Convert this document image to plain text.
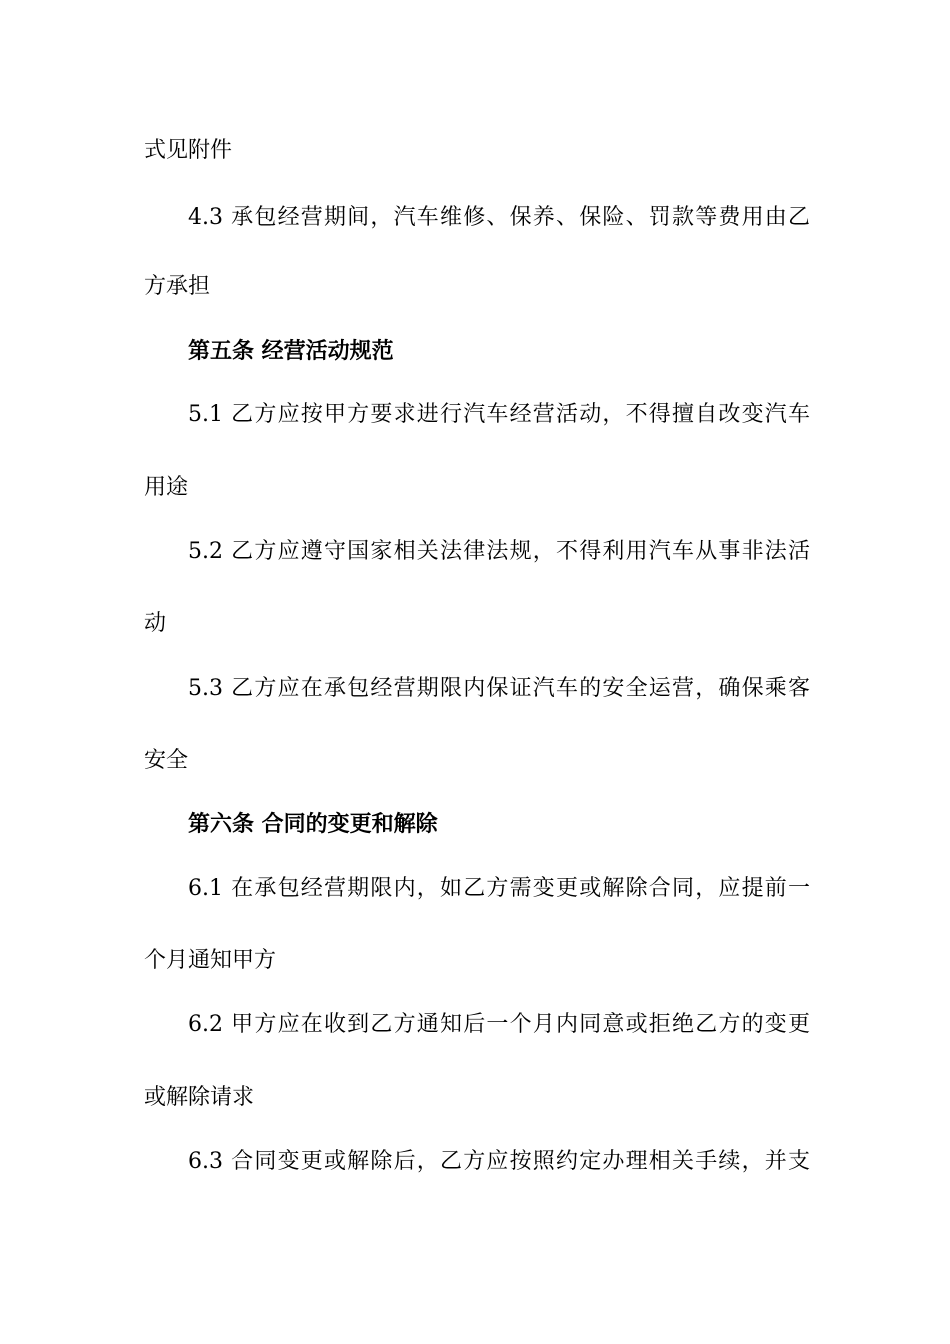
式见附件
4.3 承包经营期间，汽车维修、保养、保险、罚款等费用由乙
方承担
第五条 经营活动规范
5.1 乙方应按甲方要求进行汽车经营活动，不得擅自改变汽车
用途
5.2 乙方应遵守国家相关法律法规，不得利用汽车从事非法活
动
5.3 乙方应在承包经营期限内保证汽车的安全运营，确保乘客
安全
第六条 合同的变更和解除
6.1 在承包经营期限内，如乙方需变更或解除合同，应提前一
个月通知甲方
6.2 甲方应在收到乙方通知后一个月内同意或拒绝乙方的变更
或解除请求
6.3 合同变更或解除后，乙方应按照约定办理相关手续，并支
